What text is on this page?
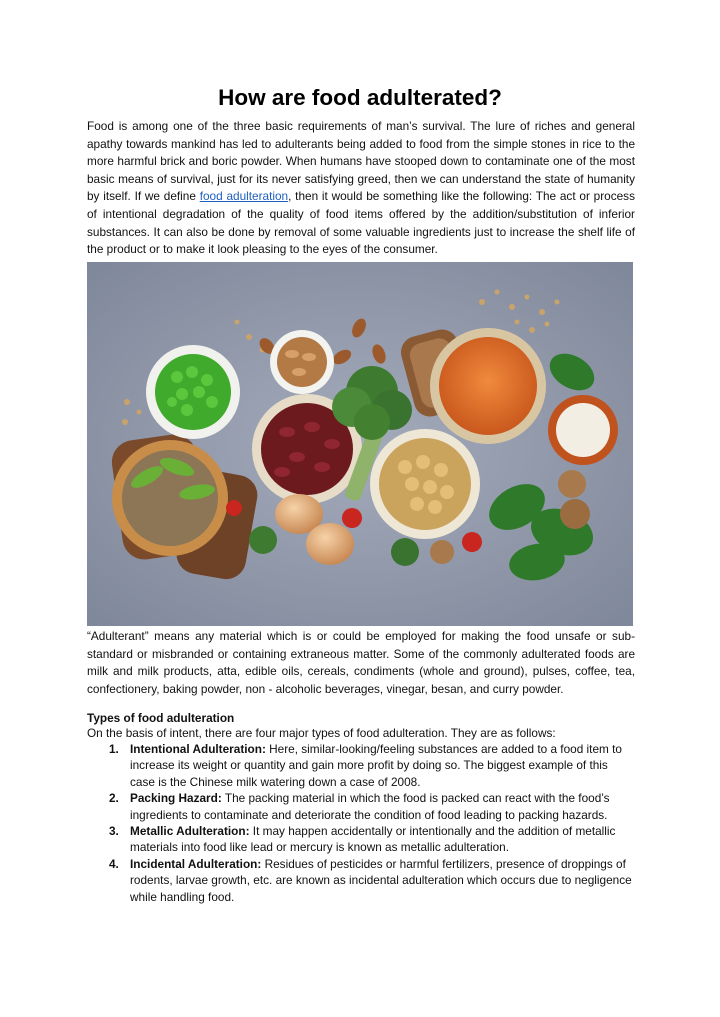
How are food adulterated?

Food is among one of the three basic requirements of man’s survival. The lure of riches and general apathy towards mankind has led to adulterants being added to food from the simple stones in rice to the more harmful brick and boric powder. When humans have stooped down to contaminate one of the most basic means of survival, just for its never satisfying greed, then we can understand the state of humanity by itself. If we define food adulteration, then it would be something like the following: The act or process of intentional degradation of the quality of food items offered by the addition/substitution of inferior substances. It can also be done by removal of some valuable ingredients just to increase the shelf life of the product or to make it look pleasing to the eyes of the consumer.

“Adulterant” means any material which is or could be employed for making the food unsafe or sub-standard or misbranded or containing extraneous matter. Some of the commonly adulterated foods are milk and milk products, atta, edible oils, cereals, condiments (whole and ground), pulses, coffee, tea, confectionery, baking powder, non - alcoholic beverages, vinegar, besan, and curry powder.

Types of food adulteration

On the basis of intent, there are four major types of food adulteration. They are as follows:

1. Intentional Adulteration: Here, similar-looking/feeling substances are added to a food item to increase its weight or quantity and gain more profit by doing so. The biggest example of this case is the Chinese milk watering down a case of 2008.
2. Packing Hazard: The packing material in which the food is packed can react with the food’s ingredients to contaminate and deteriorate the condition of food leading to packing hazards.
3. Metallic Adulteration: It may happen accidentally or intentionally and the addition of metallic materials into food like lead or mercury is known as metallic adulteration.
4. Incidental Adulteration: Residues of pesticides or harmful fertilizers, presence of droppings of rodents, larvae growth, etc. are known as incidental adulteration which occurs due to negligence while handling food.
